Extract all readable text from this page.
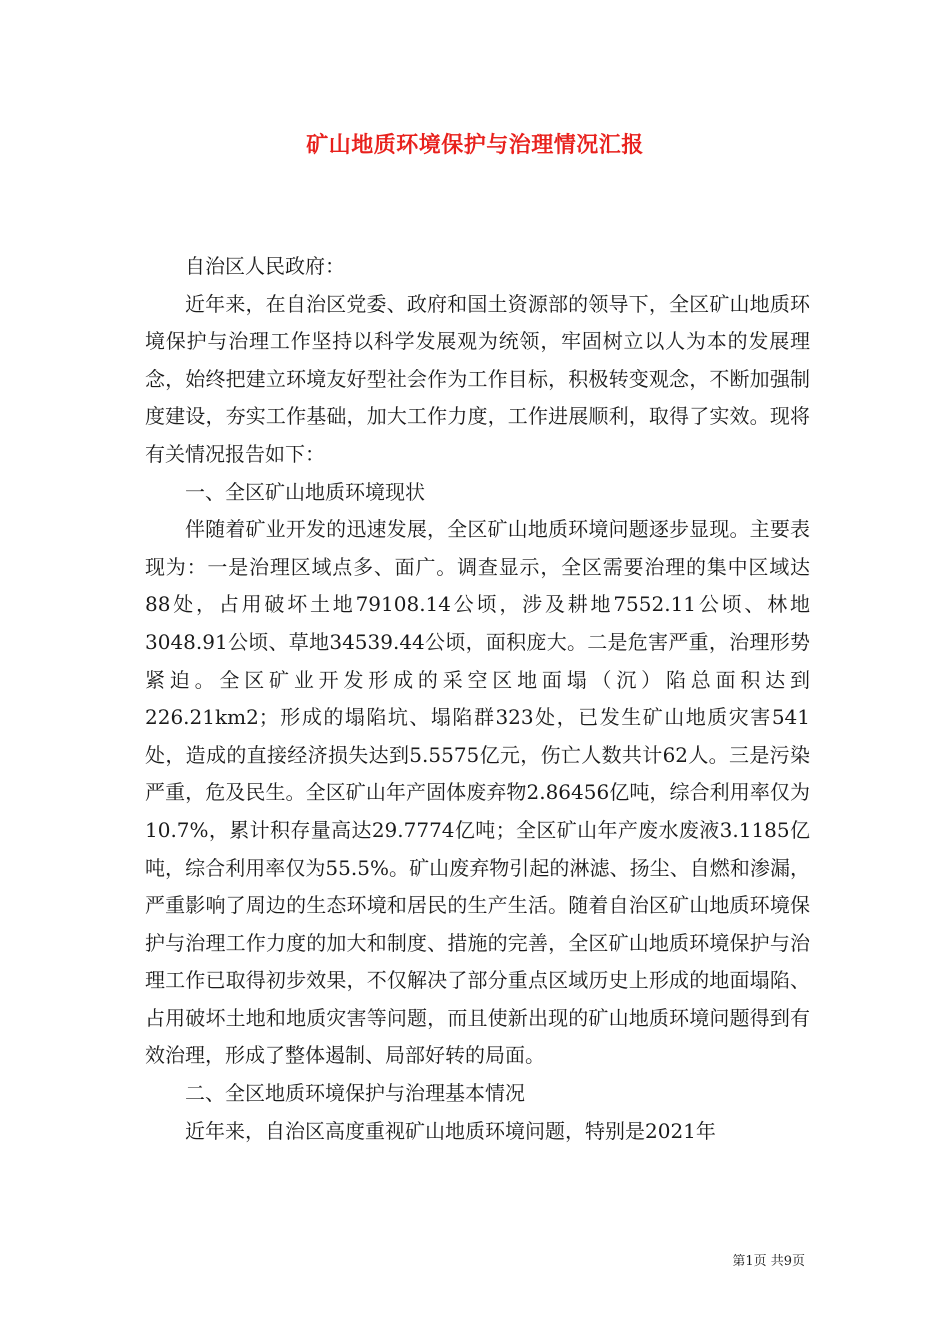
矿山地质环境保护与治理情况汇报

自治区人民政府：

近年来，在自治区党委、政府和国土资源部的领导下，全区矿山地质环境保护与治理工作坚持以科学发展观为统领，牢固树立以人为本的发展理念，始终把建立环境友好型社会作为工作目标，积极转变观念，不断加强制度建设，夯实工作基础，加大工作力度，工作进展顺利，取得了实效。现将有关情况报告如下：

一、全区矿山地质环境现状

伴随着矿业开发的迅速发展，全区矿山地质环境问题逐步显现。主要表现为：一是治理区域点多、面广。调查显示，全区需要治理的集中区域达88处，占用破坏土地79108.14公顷，涉及耕地7552.11公顷、林地3048.91公顷、草地34539.44公顷，面积庞大。二是危害严重，治理形势紧迫。全区矿业开发形成的采空区地面塌（沉）陷总面积达到226.21km2；形成的塌陷坑、塌陷群323处，已发生矿山地质灾害541处，造成的直接经济损失达到5.5575亿元，伤亡人数共计62人。三是污染严重，危及民生。全区矿山年产固体废弃物2.86456亿吨，综合利用率仅为10.7%，累计积存量高达29.7774亿吨；全区矿山年产废水废液3.1185亿吨，综合利用率仅为55.5%。矿山废弃物引起的淋滤、扬尘、自燃和渗漏，严重影响了周边的生态环境和居民的生产生活。随着自治区矿山地质环境保护与治理工作力度的加大和制度、措施的完善，全区矿山地质环境保护与治理工作已取得初步效果，不仅解决了部分重点区域历史上形成的地面塌陷、占用破坏土地和地质灾害等问题，而且使新出现的矿山地质环境问题得到有效治理，形成了整体遏制、局部好转的局面。

二、全区地质环境保护与治理基本情况

近年来，自治区高度重视矿山地质环境问题，特别是2021年

第1页 共9页
